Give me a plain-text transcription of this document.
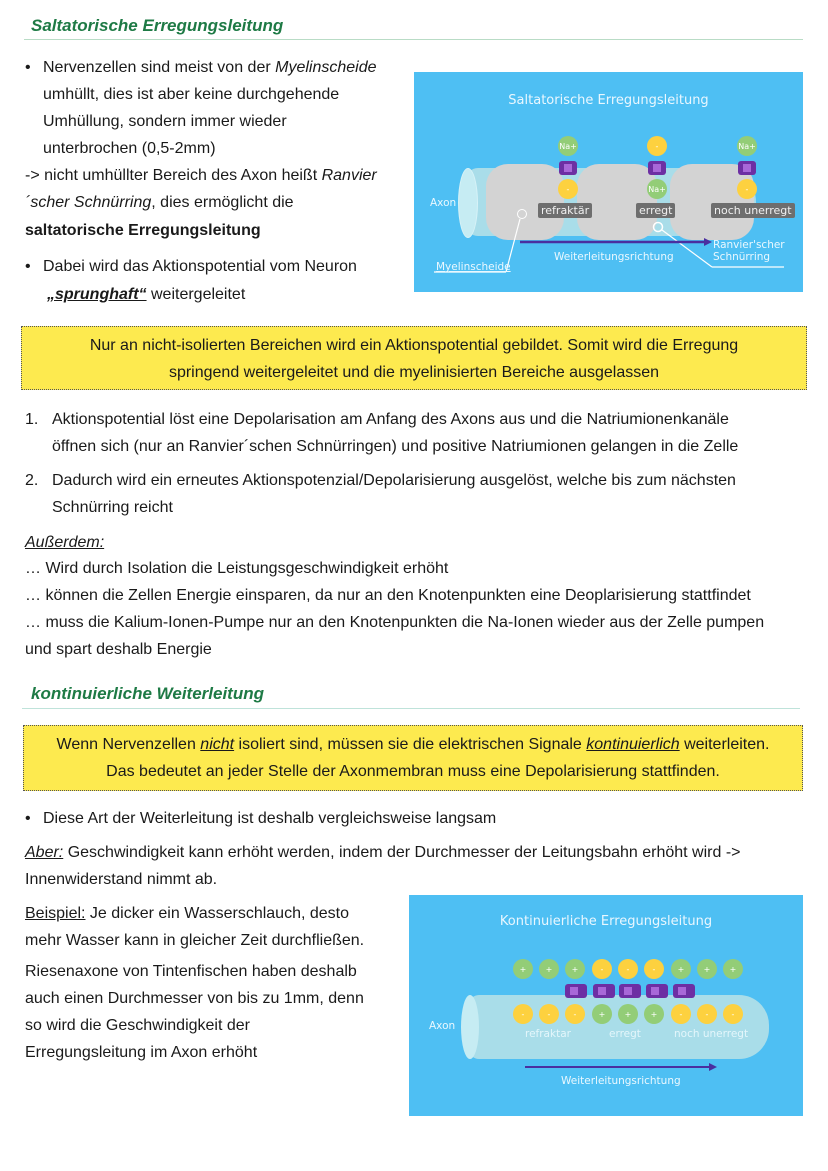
Saltatorische Erregungsleitung
• Nervenzellen sind meist von der Myelinscheide
umhüllt, dies ist aber keine durchgehende
Umhüllung, sondern immer wieder
unterbrochen (0,5-2mm)
-> nicht umhüllter Bereich des Axon heißt Ranvier
´scher Schnürring, dies ermöglicht die
saltatorische Erregungsleitung
• Dabei wird das Aktionspotential vom Neuron
„sprunghaft“ weitergeleitet
Saltatorische Erregungsleitung
Axon
Na+
-
refraktär
-
Na+
erregt
Na+
-
noch unerregt
Myelinscheide
Weiterleitungsrichtung
Ranvier'scher
Schnürring
Nur an nicht-isolierten Bereichen wird ein Aktionspotential gebildet. Somit wird die Erregung
springend weitergeleitet und die myelinisierten Bereiche ausgelassen
1. Aktionspotential löst eine Depolarisation am Anfang des Axons aus und die Natriumionenkanäle
öffnen sich (nur an Ranvier´schen Schnürringen) und positive Natriumionen gelangen in die Zelle
2. Dadurch wird ein erneutes Aktionspotenzial/Depolarisierung ausgelöst, welche bis zum nächsten
Schnürring reicht
Außerdem:
… Wird durch Isolation die Leistungsgeschwindigkeit erhöht
… können die Zellen Energie einsparen, da nur an den Knotenpunkten eine Deoplarisierung stattfindet
… muss die Kalium-Ionen-Pumpe nur an den Knotenpunkten die Na-Ionen wieder aus der Zelle pumpen
und spart deshalb Energie
kontinuierliche Weiterleitung
Wenn Nervenzellen nicht isoliert sind, müssen sie die elektrischen Signale kontinuierlich weiterleiten.
Das bedeutet an jeder Stelle der Axonmembran muss eine Depolarisierung stattfinden.
• Diese Art der Weiterleitung ist deshalb vergleichsweise langsam
Aber: Geschwindigkeit kann erhöht werden, indem der Durchmesser der Leitungsbahn erhöht wird ->
Innenwiderstand nimmt ab.
Beispiel: Je dicker ein Wasserschlauch, desto
mehr Wasser kann in gleicher Zeit durchfließen.
Riesenaxone von Tintenfischen haben deshalb
auch einen Durchmesser von bis zu 1mm, denn
so wird die Geschwindigkeit der
Erregungsleitung im Axon erhöht
Kontinuierliche Erregungsleitung
Axon
+	+	+	-	-	-	+	+	+
-	-	-	+	+	+	-	-	-
refraktar	erregt	noch unerregt
Weiterleitungsrichtung
